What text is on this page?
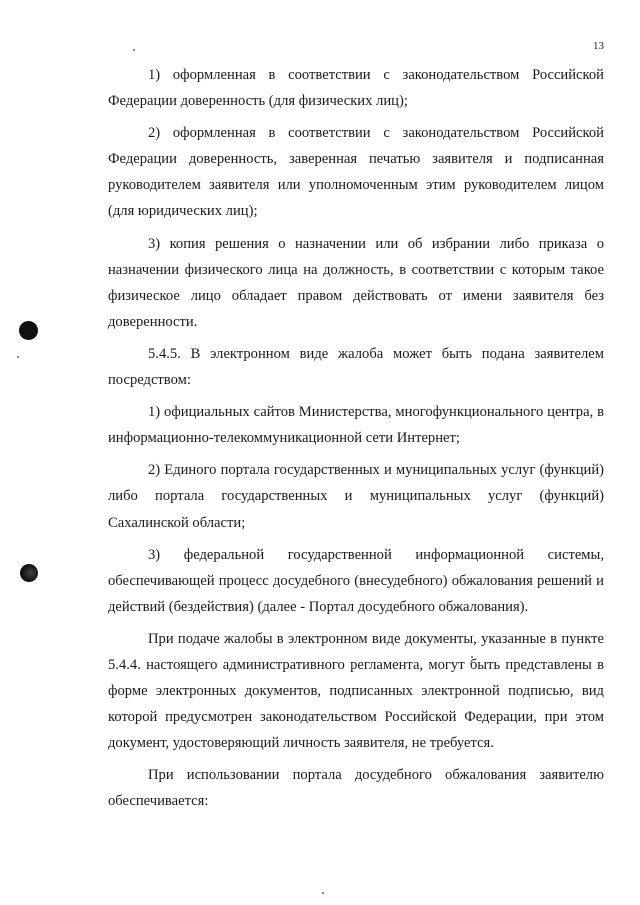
13

1) оформленная в соответствии с законодательством Российской Федерации доверенность (для физических лиц);

2) оформленная в соответствии с законодательством Российской Федерации доверенность, заверенная печатью заявителя и подписанная руководителем заявителя или уполномоченным этим руководителем лицом (для юридических лиц);

3) копия решения о назначении или об избрании либо приказа о назначении физического лица на должность, в соответствии с которым такое физическое лицо обладает правом действовать от имени заявителя без доверенности.

5.4.5. В электронном виде жалоба может быть подана заявителем посредством:

1) официальных сайтов Министерства, многофункционального центра, в информационно-телекоммуникационной сети Интернет;

2) Единого портала государственных и муниципальных услуг (функций) либо портала государственных и муниципальных услуг (функций) Сахалинской области;

3) федеральной государственной информационной системы, обеспечивающей процесс досудебного (внесудебного) обжалования решений и действий (бездействия) (далее - Портал досудебного обжалования).

При подаче жалобы в электронном виде документы, указанные в пункте 5.4.4. настоящего административного регламента, могут быть представлены в форме электронных документов, подписанных электронной подписью, вид которой предусмотрен законодательством Российской Федерации, при этом документ, удостоверяющий личность заявителя, не требуется.

При использовании портала досудебного обжалования заявителю обеспечивается:
